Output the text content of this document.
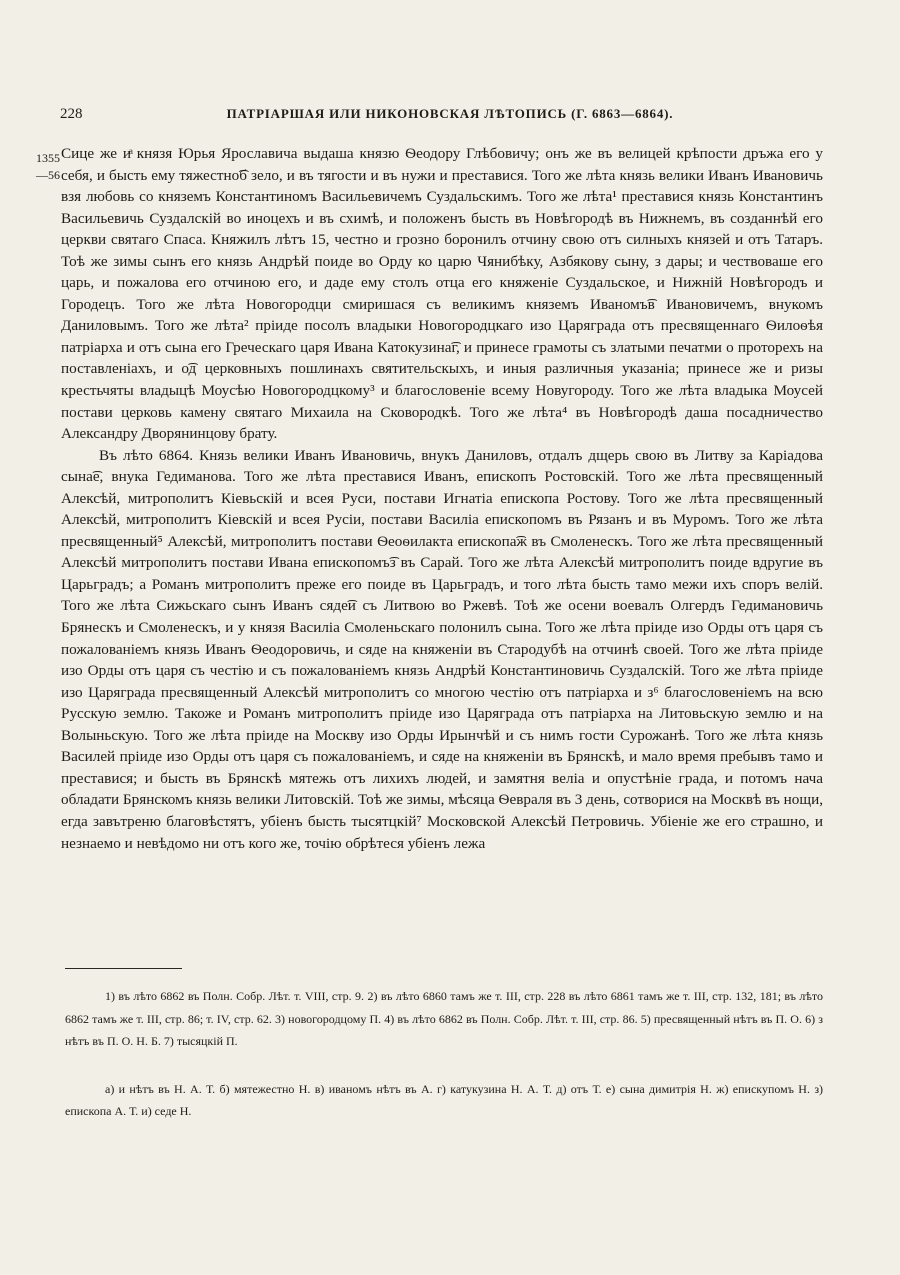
228	ПАТРІАРШАЯ ИЛИ НИКОНОВСКАЯ ЛѢТОПИСЬ (Г. 6863—6864).
1355
—56

Сице же иͣ князя Юрья Ярославича выдаша князю Ѳеодору Глѣбовичу; онъ же въ велицей крѣпости дръжа его у себя, и бысть ему тяжестно͡б зело, и въ тягости и въ нужи и преставися. Того же лѣта князь велики Иванъ Ивановичь взя любовь со княземъ Константиномъ Васильевичемъ Суздальскимъ. Того же лѣта¹ преставися князь Константинъ Васильевичь Суздалскій во иноцехъ и въ схимѣ, и положенъ бысть въ Новѣгородѣ въ Нижнемъ, въ созданнѣй его церкви святаго Спаса. Княжилъ лѣтъ 15, честно и грозно боронилъ отчину свою отъ силныхъ князей и отъ Татаръ. Тоѣ же зимы сынъ его князь Андрѣй поиде во Орду ко царю Чянибѣку, Азбякову сыну, з дары; и чествоваше его царь, и пожалова его отчиною его, и даде ему столъ отца его княженіе Суздальское, и Нижній Новѣгородъ и Городецъ. Того же лѣта Новогородци смиришася съ великимъ княземъ Иваномъ͡в Ивановичемъ, внукомъ Даниловымъ. Того же лѣта² пріиде посолъ владыки Новогородцкаго изо Царяграда отъ пресвященнаго Ѳилоѳѣя патріарха и отъ сына его Греческаго царя Ивана Катокузина͡г, и принесе грамоты съ златыми печатми о проторехъ на поставленіахъ, и о͡д церковныхъ пошлинахъ святительскыхъ, и иныя различныя указаніа; принесе же и ризы крестьчяты владыцѣ Моусѣю Новогородцкому³ и благословеніе всему Новугороду. Того же лѣта владыка Моусей постави церковь камену святаго Михаила на Сковородкѣ. Того же лѣта⁴ въ Новѣгородѣ даша посадничество Александру Дворянинцову брату.

Въ лѣто 6864. Князь велики Иванъ Ивановичь, внукъ Даниловъ, отдалъ дщерь свою въ Литву за Каріадова сына͡е, внука Гедиманова. Того же лѣта преставися Иванъ, епископъ Ростовскій. Того же лѣта пресвященный Алексѣй, митрополитъ Кіевьскій и всея Руси, постави Игнатіа епископа Ростову. Того же лѣта пресвященный Алексѣй, митрополитъ Кіевскій и всея Русіи, постави Василіа епископомъ въ Рязанъ и въ Муромъ. Того же лѣта пресвященный⁵ Алексѣй, митрополитъ постави Ѳеоѳилакта епископа͡ж въ Смоленескъ. Того же лѣта пресвященный Алексѣй митрополитъ постави Ивана епископомъ͡з въ Сарай. Того же лѣта Алексѣй митрополитъ поиде вдругие въ Царьградъ; а Романъ митрополитъ преже его поиде въ Царьградъ, и того лѣта бысть тамо межи ихъ споръ велій. Того же лѣта Сижьскаго сынъ Иванъ сяде͡и съ Литвою во Ржевѣ. Тоѣ же осени воевалъ Олгердъ Гедимановичь Брянескъ и Смоленескъ, и у князя Василіа Смоленьскаго полонилъ сына. Того же лѣта пріиде изо Орды отъ царя съ пожалованіемъ князь Иванъ Ѳеодоровичь, и сяде на княженіи въ Стародубѣ на отчинѣ своей. Того же лѣта пріиде изо Орды отъ царя съ честію и съ пожалованіемъ князь Андрѣй Константиновичь Суздалскій. Того же лѣта пріиде изо Царяграда пресвященный Алексѣй митрополитъ со многою честію отъ патріарха и з⁶ благословеніемъ на всю Русскую землю. Такоже и Романъ митрополитъ пріиде изо Царяграда отъ патріарха на Литовьскую землю и на Волыньскую. Того же лѣта пріиде на Москву изо Орды Ирынчѣй и съ нимъ гости Сурожанѣ. Того же лѣта князь Василей пріиде изо Орды отъ царя съ пожалованіемъ, и сяде на княженіи въ Брянскѣ, и мало время пребывъ тамо и преставися; и бысть въ Брянскѣ мятежь отъ лихихъ людей, и замятня веліа и опустѣніе града, и потомъ нача обладати Брянскомъ князь велики Литовскій. Тоѣ же зимы, мѣсяца Ѳевраля въ 3 день, сотворися на Москвѣ въ нощи, егда завътреню благовѣстятъ, убіенъ бысть тысятцкій⁷ Московской Алексѣй Петровичь. Убіеніе же его страшно, и незнаемо и невѣдомо ни отъ кого же, точію обрѣтеся убіенъ лежа

1) въ лѣто 6862 въ Полн. Собр. Лѣт. т. VIII, стр. 9. 2) въ лѣто 6860 тамъ же т. III, стр. 228 въ лѣто 6861 тамъ же т. III, стр. 132, 181; въ лѣто 6862 тамъ же т. III, стр. 86; т. IV, стр. 62. 3) новогородцому П. 4) въ лѣто 6862 въ Полн. Собр. Лѣт. т. III, стр. 86. 5) пресвященный нѣтъ въ П. О. 6) з нѣтъ въ П. О. Н. Б. 7) тысяцкій П.

а) и нѣтъ въ Н. А. Т. б) мятежестно Н. в) иваномъ нѣтъ въ А. г) катукузина Н. А. Т. д) отъ Т. е) сына димитрія Н. ж) епискупомъ Н. з) епископа А. Т. и) седе Н.
